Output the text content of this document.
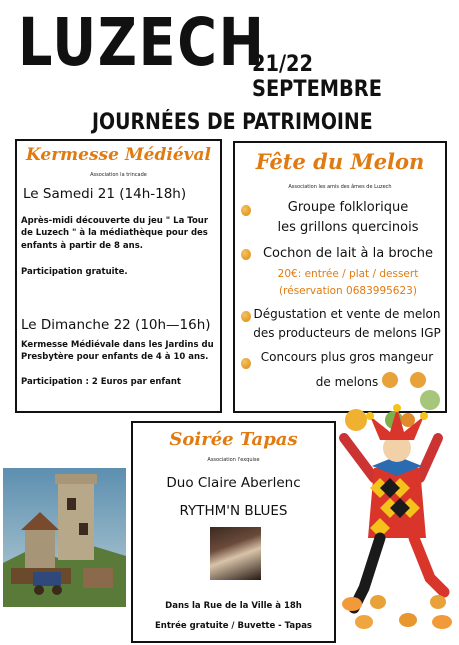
LUZECH
21/22 SEPTEMBRE
JOURNÉES DE PATRIMOINE
Kermesse Médiéval
Association la trincade
Le Samedi 21 (14h-18h)
Après-midi découverte du jeu " La Tour de Luzech " à la médiathèque pour des enfants à partir de 8 ans.
Participation gratuite.
Le Dimanche 22 (10h—16h)
Kermesse Médiévale dans les Jardins du Presbytère pour enfants de 4 à 10 ans.
Participation : 2 Euros par enfant
Fête du Melon
Association les amis des âmes de Luzech
Groupe folklorique
les grillons quercinois
Cochon de lait à la broche
20€: entrée / plat / dessert
(réservation 0683995623)
Dégustation et vente de melon
des producteurs de melons IGP
Concours plus gros mangeur
de melons
Soirée Tapas
Association l'exquise
Duo Claire Aberlenc
RYTHM'N BLUES
Dans la Rue de la Ville à 18h
Entrée gratuite / Buvette - Tapas
